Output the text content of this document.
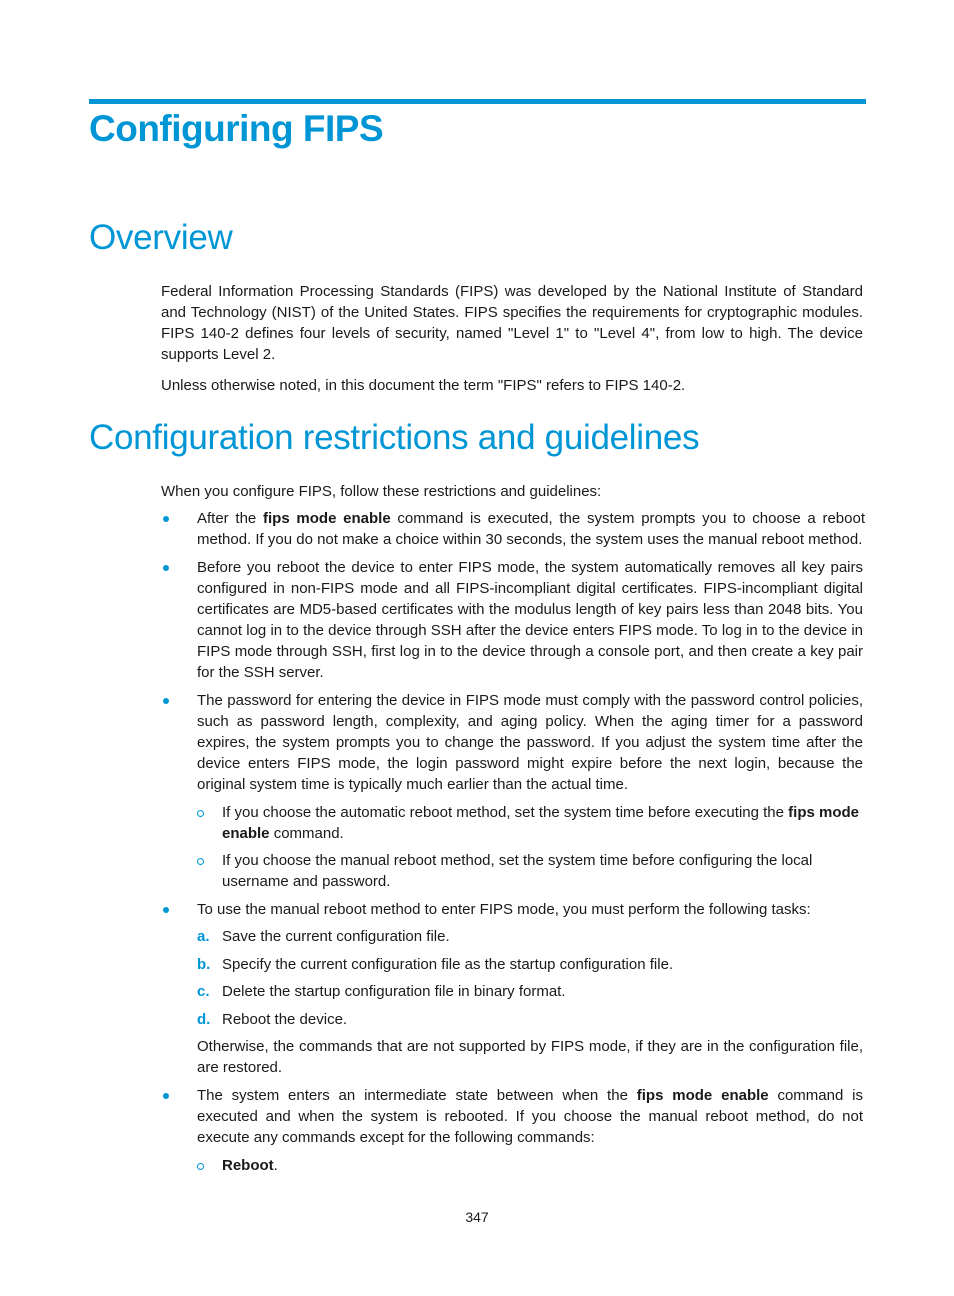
Configuring FIPS
Overview

Federal Information Processing Standards (FIPS) was developed by the National Institute of Standard and Technology (NIST) of the United States. FIPS specifies the requirements for cryptographic modules. FIPS 140-2 defines four levels of security, named "Level 1" to "Level 4", from low to high. The device supports Level 2.

Unless otherwise noted, in this document the term "FIPS" refers to FIPS 140-2.

Configuration restrictions and guidelines

When you configure FIPS, follow these restrictions and guidelines:

After the fips mode enable command is executed, the system prompts you to choose a reboot method. If you do not make a choice within 30 seconds, the system uses the manual reboot method.

Before you reboot the device to enter FIPS mode, the system automatically removes all key pairs configured in non-FIPS mode and all FIPS-incompliant digital certificates. FIPS-incompliant digital certificates are MD5-based certificates with the modulus length of key pairs less than 2048 bits. You cannot log in to the device through SSH after the device enters FIPS mode. To log in to the device in FIPS mode through SSH, first log in to the device through a console port, and then create a key pair for the SSH server.

The password for entering the device in FIPS mode must comply with the password control policies, such as password length, complexity, and aging policy. When the aging timer for a password expires, the system prompts you to change the password. If you adjust the system time after the device enters FIPS mode, the login password might expire before the next login, because the original system time is typically much earlier than the actual time.

If you choose the automatic reboot method, set the system time before executing the fips mode enable command.

If you choose the manual reboot method, set the system time before configuring the local username and password.

To use the manual reboot method to enter FIPS mode, you must perform the following tasks:

a. Save the current configuration file.

b. Specify the current configuration file as the startup configuration file.

c. Delete the startup configuration file in binary format.

d. Reboot the device.

Otherwise, the commands that are not supported by FIPS mode, if they are in the configuration file, are restored.

The system enters an intermediate state between when the fips mode enable command is executed and when the system is rebooted. If you choose the manual reboot method, do not execute any commands except for the following commands:

Reboot.

347
